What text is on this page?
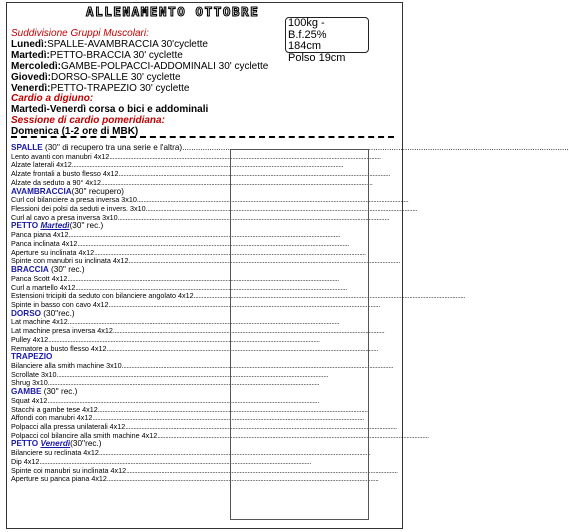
ALLENAMENTO OTTOBRE
100kg - B.f.25%
184cm
Polso 19cm
Suddivisione Gruppi Muscolari:
Lunedì:SPALLE-AVAMBRACCIA 30'cyclette
Martedì:PETTO-BRACCIA 30' cyclette
Mercoledì:GAMBE-POLPACCI-ADDOMINALI 30' cyclette
Giovedì:DORSO-SPALLE 30' cyclette
Venerdì:PETTO-TRAPEZIO 30' cyclette
Cardio a digiuno:
Martedì-Venerdì corsa o bici e addominali
Sessione di cardio pomeridiana:
Domenica (1-2 ore di MBK)
SPALLE (30'' di recupero tra una serie e l'altra)..........................................................................................................................................................................
Lento avanti con manubri 4x12..........................................................................................................................................................................
Alzate laterali 4x12..........................................................................................................................................................................
Alzate frontali a busto flesso 4x12..........................................................................................................................................................................
Alzate da seduto a 90° 4x12..........................................................................................................................................................................
AVAMBRACCIA(30'' recupero)
Curl col bilanciere a presa inversa 3x10..........................................................................................................................................................................
Flessioni dei polsi da seduti e invers. 3x10..........................................................................................................................................................................
Curl al cavo a presa inversa 3x10..........................................................................................................................................................................
PETTO Martedì(30'' rec.)
Panca piana 4x12..........................................................................................................................................................................
Panca inclinata 4x12..........................................................................................................................................................................
Aperture su inclinata 4x12..........................................................................................................................................................................
Spinte con manubri su inclinata 4x12..........................................................................................................................................................................
BRACCIA (30'' rec.)
Panca Scott 4x12..........................................................................................................................................................................
Curl a martello 4x12..........................................................................................................................................................................
Estensioni tricipiti da seduto con bilanciere angolato 4x12..........................................................................................................................................................................
Spinte in basso con cavo 4x12..........................................................................................................................................................................
DORSO (30''rec.)
Lat machine 4x12..........................................................................................................................................................................
Lat machine presa inversa 4x12..........................................................................................................................................................................
Pulley 4x12..........................................................................................................................................................................
Rematore a busto flesso 4x12..........................................................................................................................................................................
TRAPEZIO
Bilanciere alla smith machine 3x10..........................................................................................................................................................................
Scrollate 3x10..........................................................................................................................................................................
Shrug 3x10..........................................................................................................................................................................
GAMBE (30'' rec.)
Squat 4x12..........................................................................................................................................................................
Stacchi a gambe tese 4x12..........................................................................................................................................................................
Affondi con manubri 4x12..........................................................................................................................................................................
Polpacci alla pressa unilaterali 4x12..........................................................................................................................................................................
Polpacci col bilancire alla smith machine 4x12..........................................................................................................................................................................
PETTO Venerdì(30''rec.)
Bilanciere su reclinata 4x12..........................................................................................................................................................................
Dip 4x12..........................................................................................................................................................................
Spinte coi manubri su inclinata 4x12..........................................................................................................................................................................
Aperture su panca piana 4x12..........................................................................................................................................................................
